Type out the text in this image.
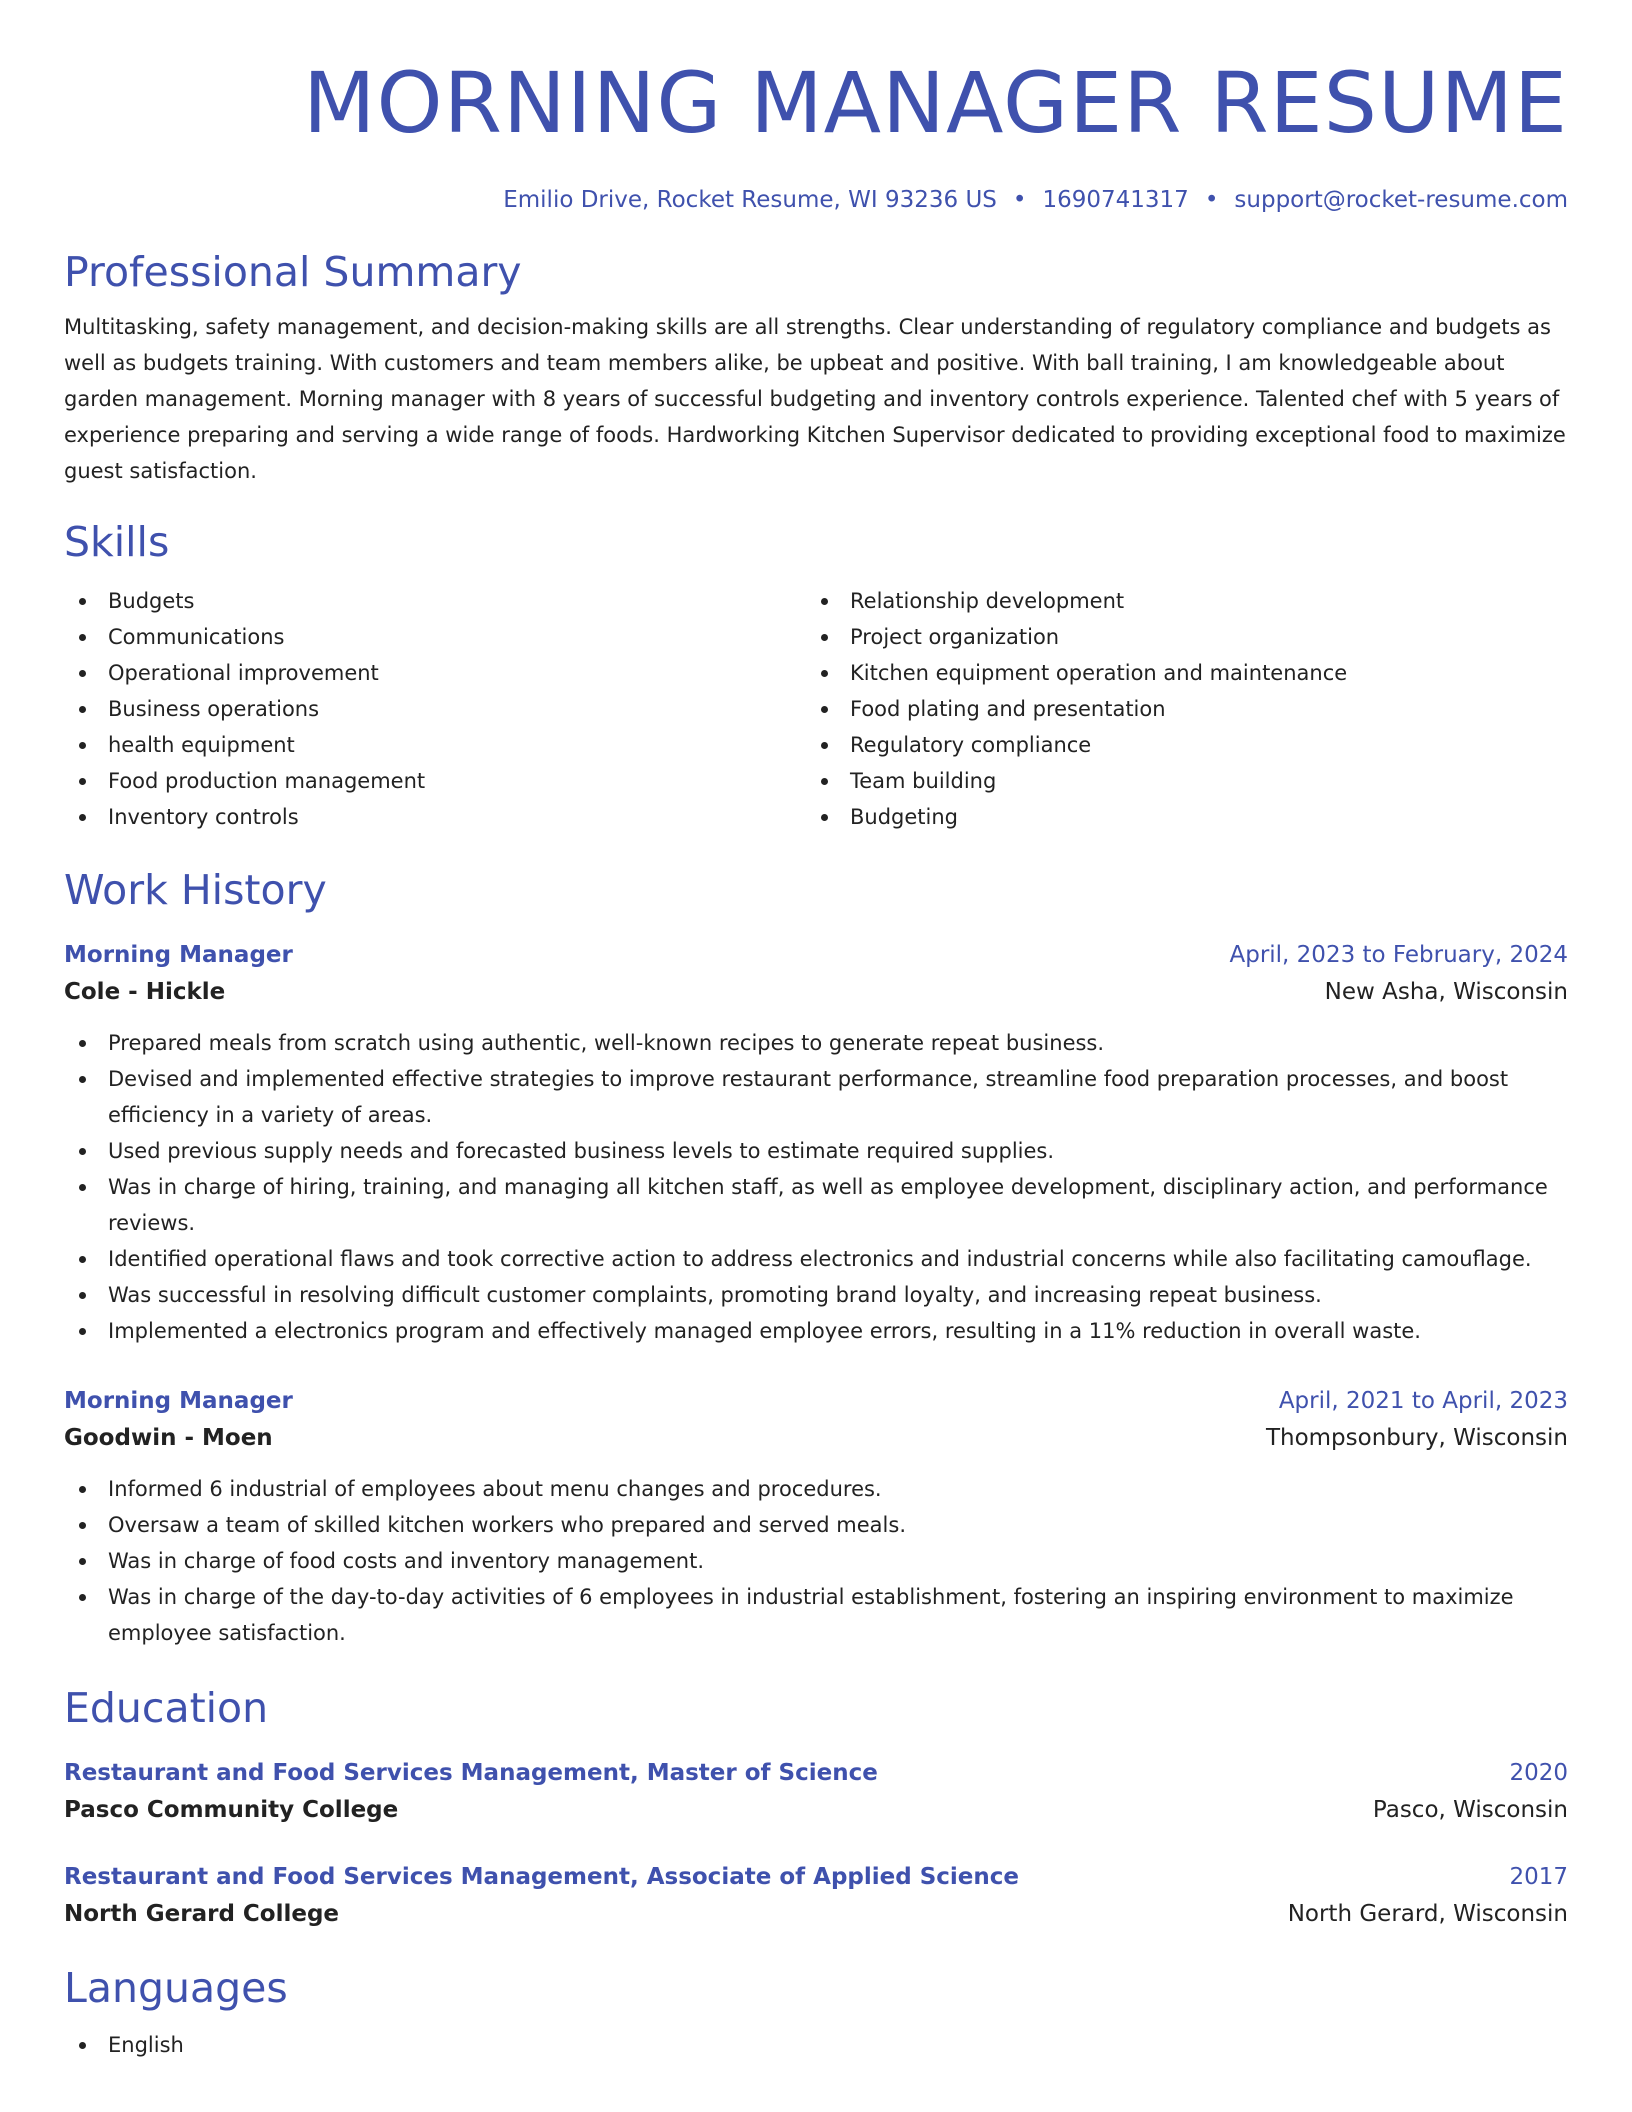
MORNING MANAGER RESUME
Emilio Drive, Rocket Resume, WI 93236 US • 1690741317 • support@rocket-resume.com
Professional Summary
Multitasking, safety management, and decision-making skills are all strengths. Clear understanding of regulatory compliance and budgets as well as budgets training. With customers and team members alike, be upbeat and positive. With ball training, I am knowledgeable about garden management. Morning manager with 8 years of successful budgeting and inventory controls experience. Talented chef with 5 years of experience preparing and serving a wide range of foods. Hardworking Kitchen Supervisor dedicated to providing exceptional food to maximize guest satisfaction.
Skills
Budgets
Communications
Operational improvement
Business operations
health equipment
Food production management
Inventory controls
Relationship development
Project organization
Kitchen equipment operation and maintenance
Food plating and presentation
Regulatory compliance
Team building
Budgeting
Work History
Morning Manager	April, 2023 to February, 2024
Cole - Hickle	New Asha, Wisconsin
Prepared meals from scratch using authentic, well-known recipes to generate repeat business.
Devised and implemented effective strategies to improve restaurant performance, streamline food preparation processes, and boost efficiency in a variety of areas.
Used previous supply needs and forecasted business levels to estimate required supplies.
Was in charge of hiring, training, and managing all kitchen staff, as well as employee development, disciplinary action, and performance reviews.
Identified operational flaws and took corrective action to address electronics and industrial concerns while also facilitating camouflage.
Was successful in resolving difficult customer complaints, promoting brand loyalty, and increasing repeat business.
Implemented a electronics program and effectively managed employee errors, resulting in a 11% reduction in overall waste.
Morning Manager	April, 2021 to April, 2023
Goodwin - Moen	Thompsonbury, Wisconsin
Informed 6 industrial of employees about menu changes and procedures.
Oversaw a team of skilled kitchen workers who prepared and served meals.
Was in charge of food costs and inventory management.
Was in charge of the day-to-day activities of 6 employees in industrial establishment, fostering an inspiring environment to maximize employee satisfaction.
Education
Restaurant and Food Services Management, Master of Science	2020
Pasco Community College	Pasco, Wisconsin
Restaurant and Food Services Management, Associate of Applied Science	2017
North Gerard College	North Gerard, Wisconsin
Languages
English
